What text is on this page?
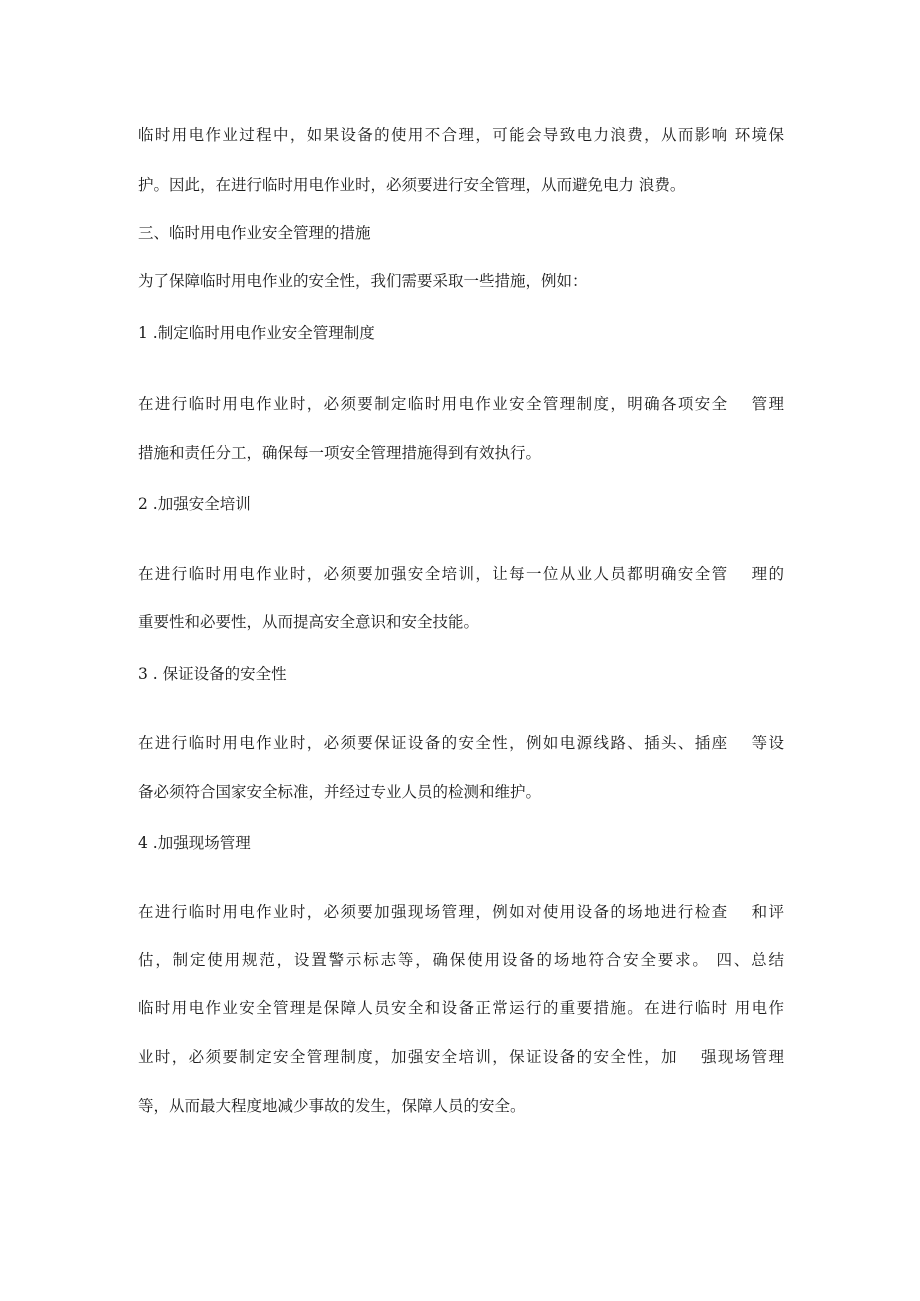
临时用电作业过程中，如果设备的使用不合理，可能会导致电力浪费，从而影响 环境保
护。因此，在进行临时用电作业时，必须要进行安全管理，从而避免电力 浪费。
三、临时用电作业安全管理的措施
为了保障临时用电作业的安全性，我们需要采取一些措施，例如：
1 .制定临时用电作业安全管理制度
在进行临时用电作业时，必须要制定临时用电作业安全管理制度，明确各项安全　 管理
措施和责任分工，确保每一项安全管理措施得到有效执行。
2 .加强安全培训
在进行临时用电作业时，必须要加强安全培训，让每一位从业人员都明确安全管　 理的
重要性和必要性，从而提高安全意识和安全技能。
3 . 保证设备的安全性
在进行临时用电作业时，必须要保证设备的安全性，例如电源线路、插头、插座　 等设
备必须符合国家安全标准，并经过专业人员的检测和维护。
4 .加强现场管理
在进行临时用电作业时，必须要加强现场管理，例如对使用设备的场地进行检查　 和评
估，制定使用规范，设置警示标志等，确保使用设备的场地符合安全要求。 四、总结
临时用电作业安全管理是保障人员安全和设备正常运行的重要措施。在进行临时 用电作
业时，必须要制定安全管理制度，加强安全培训，保证设备的安全性，加　 强现场管理
等，从而最大程度地减少事故的发生，保障人员的安全。
